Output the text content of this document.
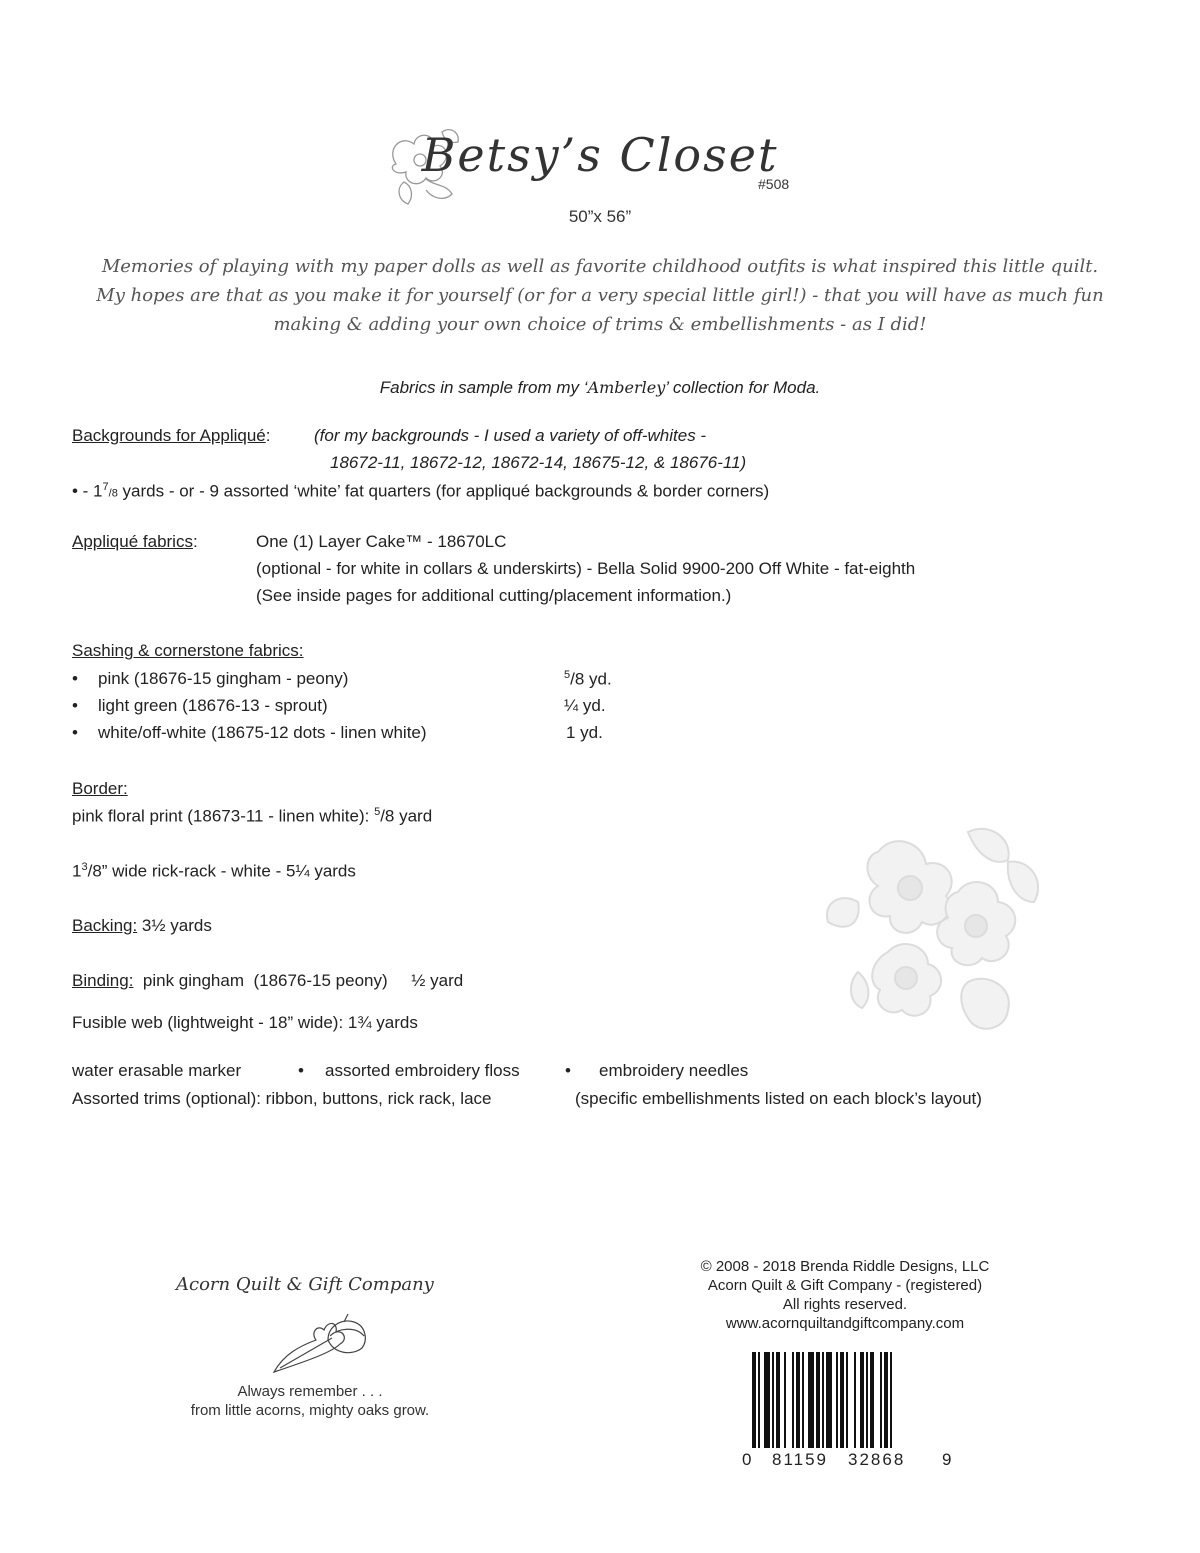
Betsy’s Closet
#508
50”x 56”
Memories of playing with my paper dolls as well as favorite childhood outfits is what inspired this little quilt. My hopes are that as you make it for yourself (or for a very special little girl!) - that you will have as much fun making & adding your own choice of trims & embellishments - as I did!
Fabrics in sample from my ‘Amberley’ collection for Moda.
Backgrounds for Appliqué:	(for my backgrounds - I used a variety of off-whites -
18672-11, 18672-12, 18672-14, 18675-12, & 18676-11)
• - $1^7/8$ yards - or - 9 assorted ‘white’ fat quarters (for appliqué backgrounds & border corners)
Appliqué fabrics:	One (1) Layer Cake™ - 18670LC
(optional - for white in collars & underskirts) - Bella Solid 9900-200 Off White - fat-eighth
(See inside pages for additional cutting/placement information.)
Sashing & cornerstone fabrics:
• pink (18676-15 gingham - peony)	$^5$/8 yd.
• light green (18676-13 - sprout)	¼ yd.
• white/off-white (18675-12 dots - linen white)	1 yd.
Border:
pink floral print (18673-11 - linen white): $^5$/8 yard
$1^3/8$” wide rick-rack - white - 5¼ yards
Backing: 3½ yards
Binding:  pink gingham  (18676-15 peony)     ½ yard
Fusible web (lightweight - 18” wide): 1¾ yards
water erasable marker	• assorted embroidery floss	• embroidery needles
Assorted trims (optional): ribbon, buttons, rick rack, lace	(specific embellishments listed on each block’s layout)
Acorn Quilt & Gift Company
Always remember . . .
from little acorns, mighty oaks grow.
© 2008 - 2018 Brenda Riddle Designs, LLC
Acorn Quilt & Gift Company - (registered)
All rights reserved.
www.acornquiltandgiftcompany.com
0 81159 32868 9
